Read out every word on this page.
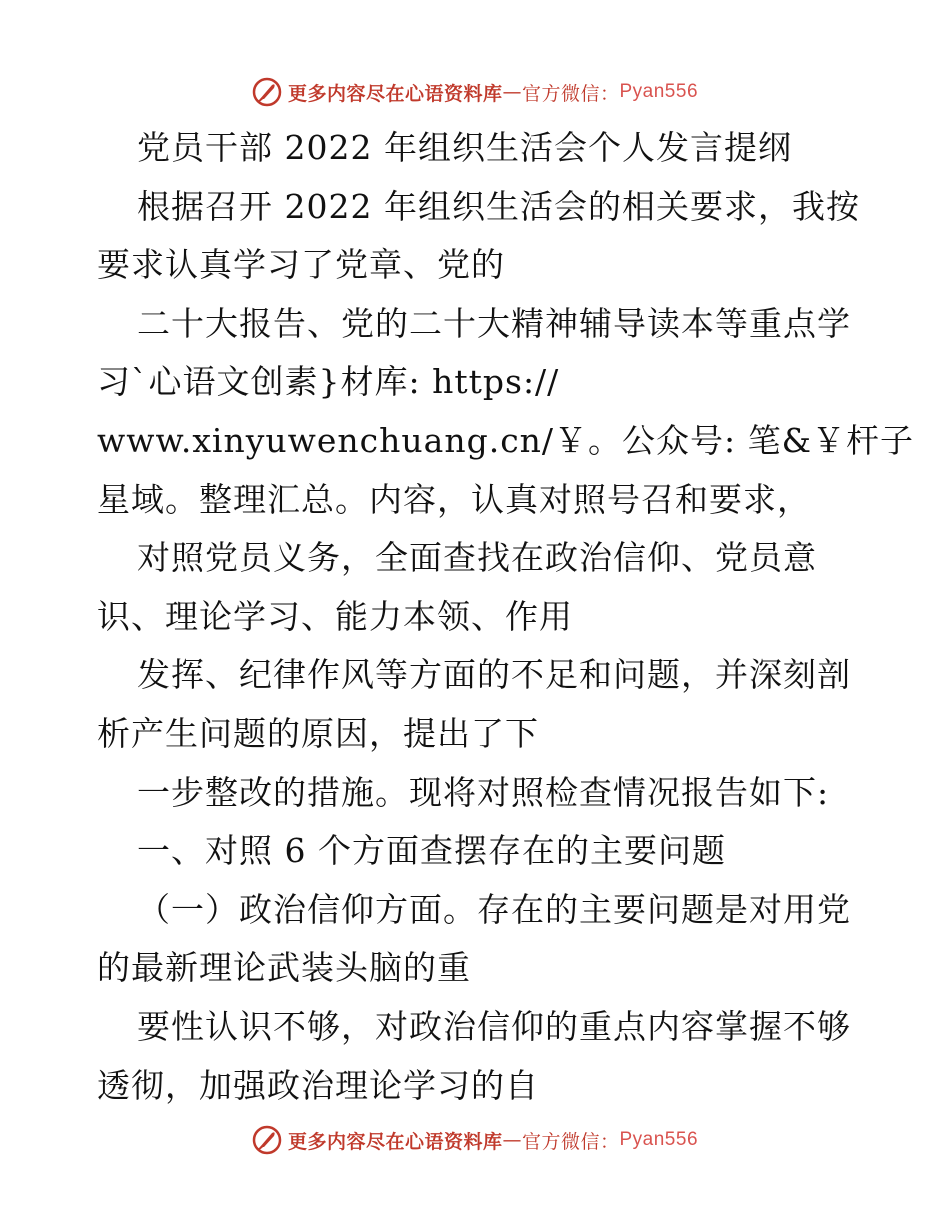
更多内容尽在心语资料库 — 官方微信： Pyan556
党员干部 2022 年组织生活会个人发言提纲
根据召开 2022 年组织生活会的相关要求，我按
要求认真学习了党章、党的
二十大报告、党的二十大精神辅导读本等重点学
习`心语文创素}材库: https://
www.xinyuwenchuang.cn/￥。公众号: 笔&￥杆子
星域。整理汇总。内容，认真对照号召和要求，
对照党员义务，全面查找在政治信仰、党员意
识、理论学习、能力本领、作用
发挥、纪律作风等方面的不足和问题，并深刻剖
析产生问题的原因，提出了下
一步整改的措施。现将对照检查情况报告如下:
一、对照 6 个方面查摆存在的主要问题
（一）政治信仰方面。存在的主要问题是对用党
的最新理论武装头脑的重
要性认识不够，对政治信仰的重点内容掌握不够
透彻，加强政治理论学习的自
更多内容尽在心语资料库 — 官方微信： Pyan556
